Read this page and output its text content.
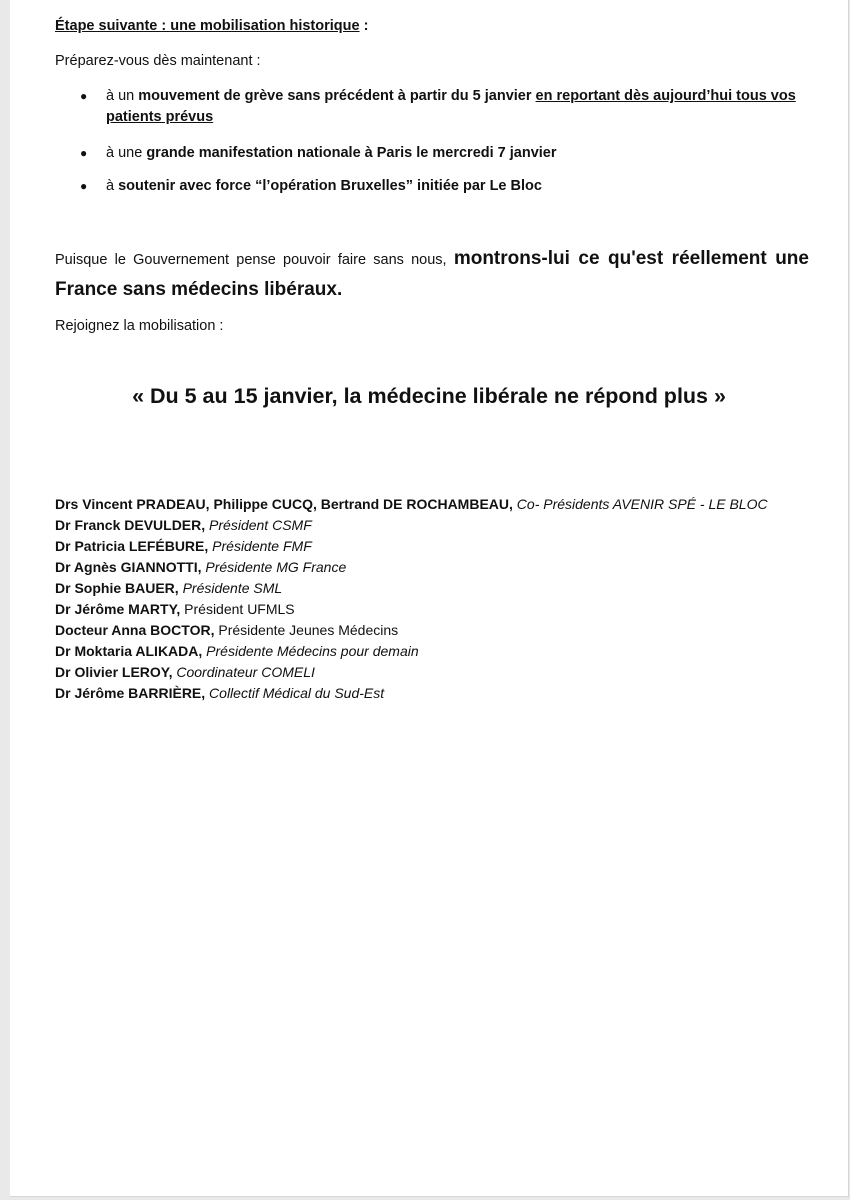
Étape suivante : une mobilisation historique :
Préparez-vous dès maintenant :
●	à un mouvement de grève sans précédent à partir du 5 janvier en reportant dès aujourd’hui tous vos patients prévus
●	à une grande manifestation nationale à Paris le mercredi 7 janvier
●	à soutenir avec force “l’opération Bruxelles” initiée par Le Bloc
Puisque le Gouvernement pense pouvoir faire sans nous, montrons-lui ce qu'est réellement une France sans médecins libéraux.
Rejoignez la mobilisation :
« Du 5 au 15 janvier, la médecine libérale ne répond plus »
Drs Vincent PRADEAU, Philippe CUCQ, Bertrand DE ROCHAMBEAU, Co- Présidents AVENIR SPÉ - LE BLOC
Dr Franck DEVULDER, Président CSMF
Dr Patricia LEFÉBURE, Présidente FMF
Dr Agnès GIANNOTTI, Présidente MG France
Dr Sophie BAUER, Présidente SML
Dr Jérôme MARTY, Président UFMLS
Docteur Anna BOCTOR, Présidente Jeunes Médecins
Dr Moktaria ALIKADA, Présidente Médecins pour demain
Dr Olivier LEROY, Coordinateur COMELI
Dr Jérôme BARRIÈRE, Collectif Médical du Sud-Est
